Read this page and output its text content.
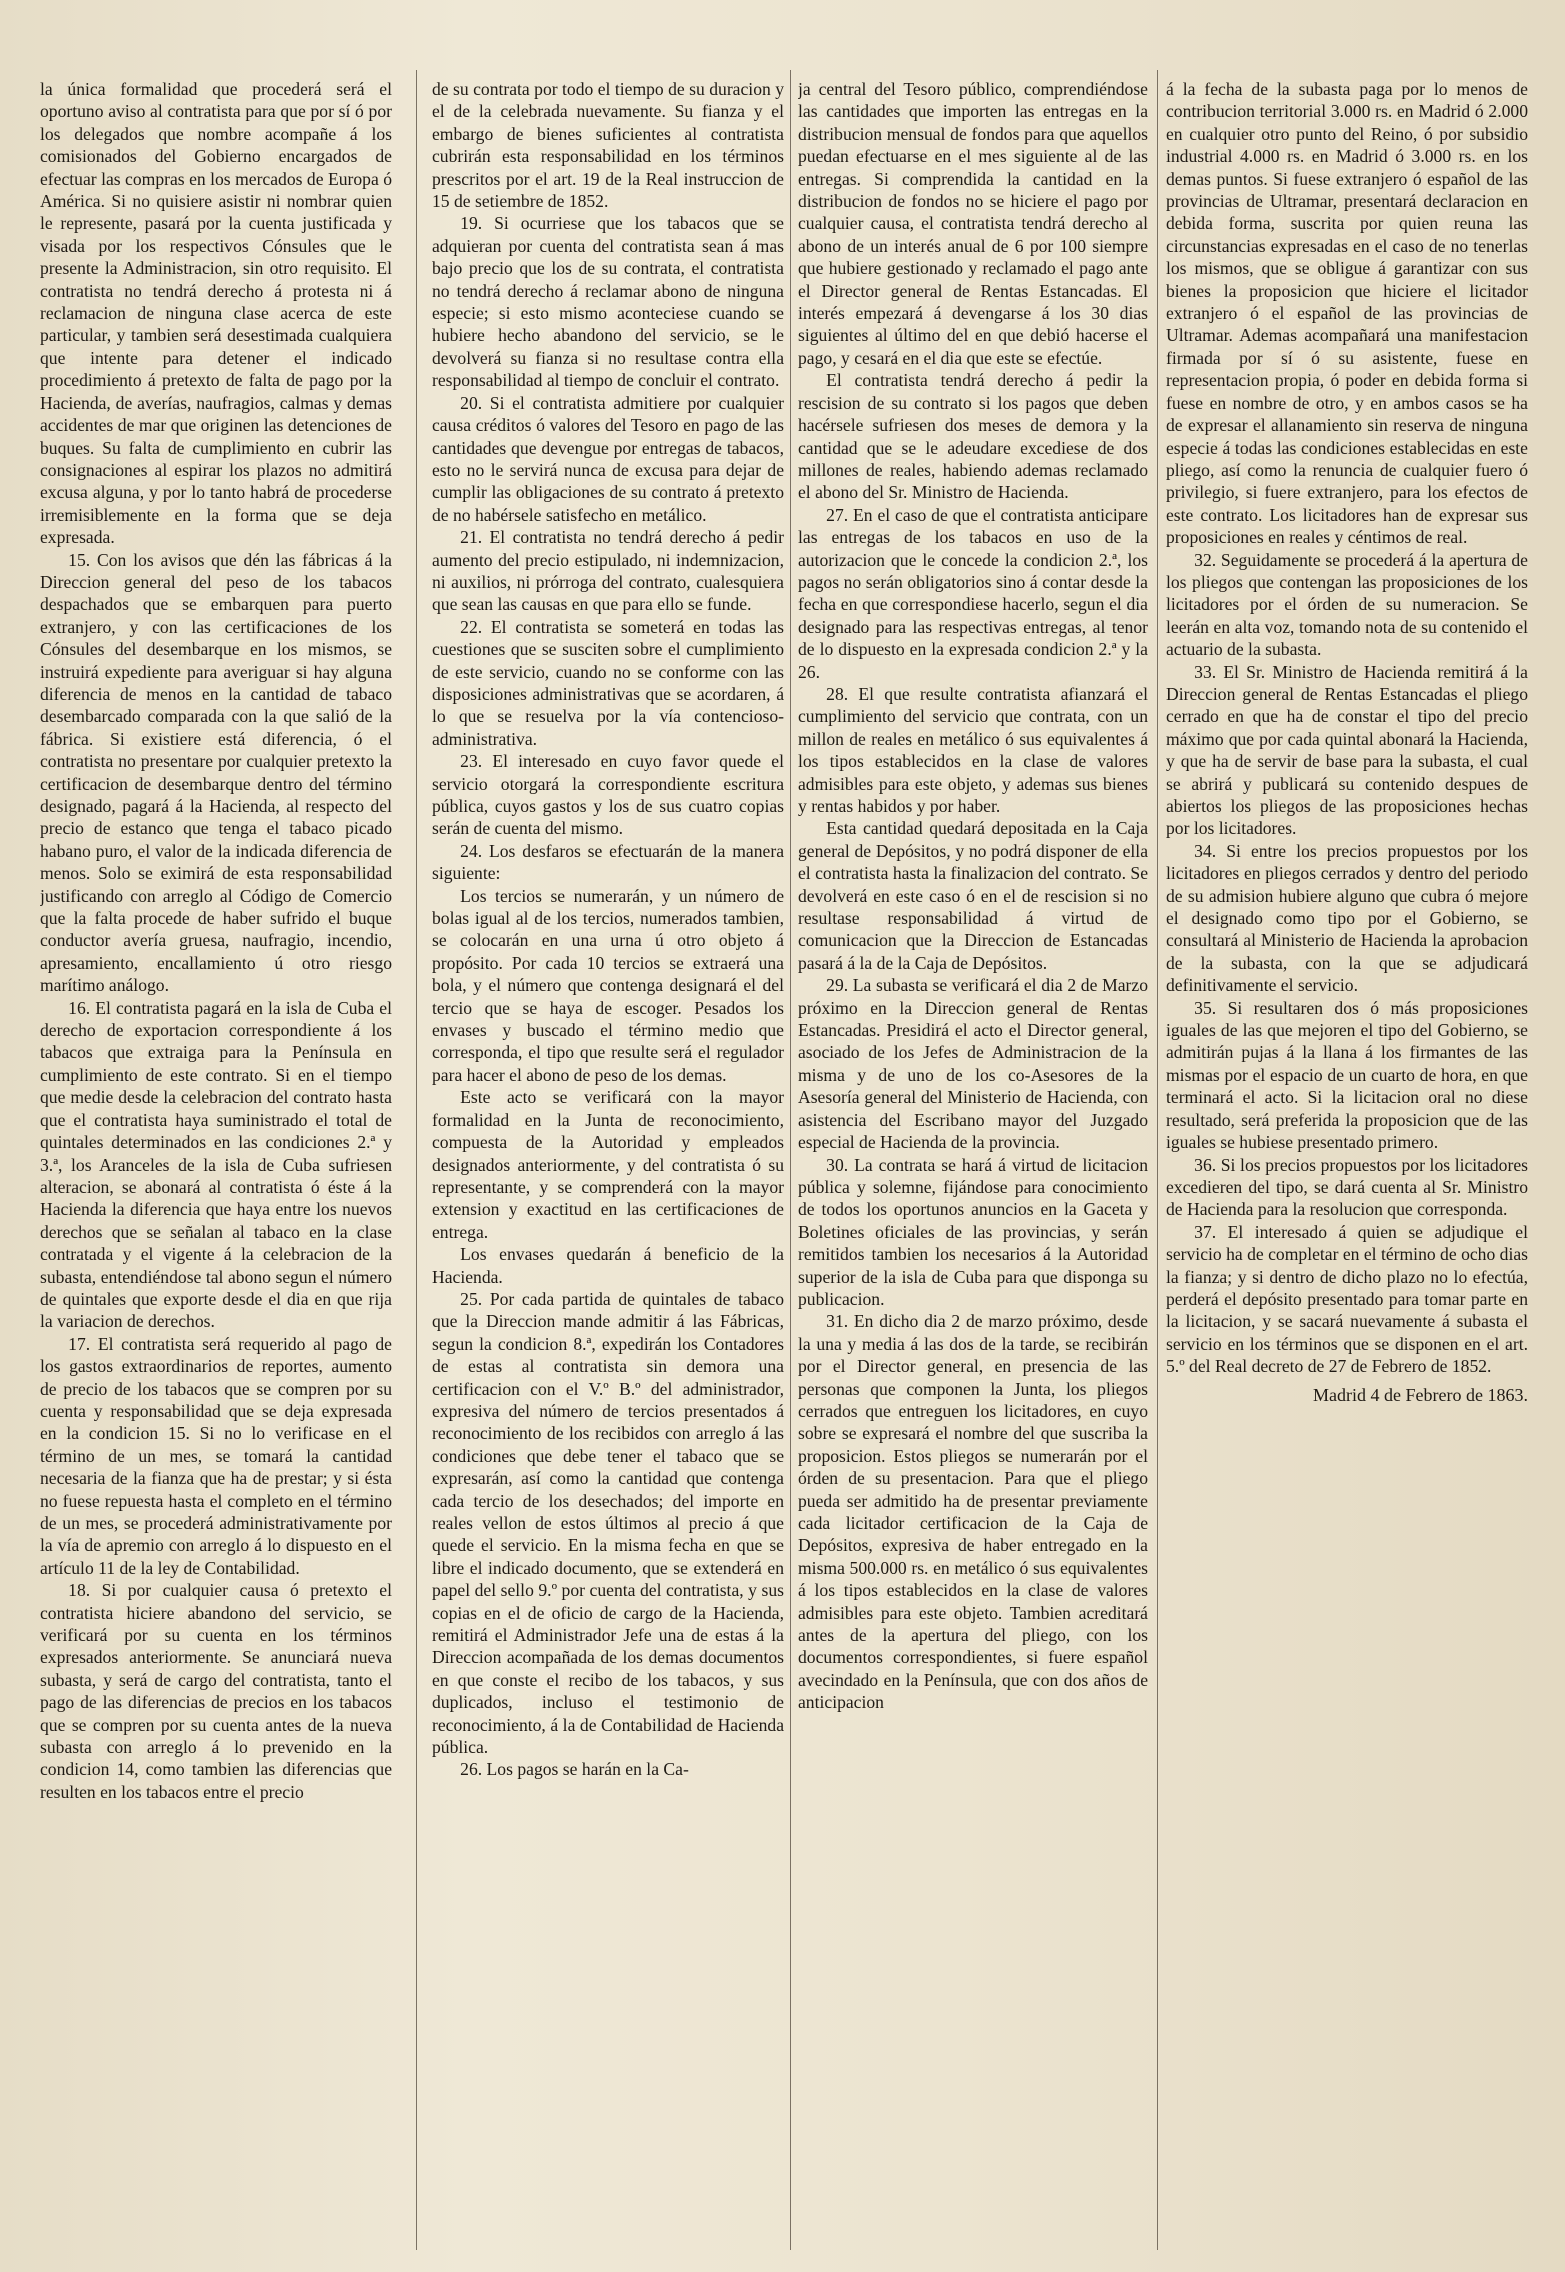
la única formalidad que procederá será el oportuno aviso al contratista para que por sí ó por los delegados que nombre acompañe á los comisionados del Gobierno encargados de efectuar las compras en los mercados de Europa ó América. Si no quisiere asistir ni nombrar quien le represente, pasará por la cuenta justificada y visada por los respectivos Cónsules que le presente la Administracion, sin otro requisito. El contratista no tendrá derecho á protesta ni á reclamacion de ninguna clase acerca de este particular, y tambien será desestimada cualquiera que intente para detener el indicado procedimiento á pretexto de falta de pago por la Hacienda, de averías, naufragios, calmas y demas accidentes de mar que originen las detenciones de buques. Su falta de cumplimiento en cubrir las consignaciones al espirar los plazos no admitirá excusa alguna, y por lo tanto habrá de procederse irremisiblemente en la forma que se deja expresada.

15. Con los avisos que dén las fábricas á la Direccion general del peso de los tabacos despachados que se embarquen para puerto extranjero, y con las certificaciones de los Cónsules del desembarque en los mismos, se instruirá expediente para averiguar si hay alguna diferencia de menos en la cantidad de tabaco desembarcado comparada con la que salió de la fábrica. Si existiere está diferencia, ó el contratista no presentare por cualquier pretexto la certificacion de desembarque dentro del término designado, pagará á la Hacienda, al respecto del precio de estanco que tenga el tabaco picado habano puro, el valor de la indicada diferencia de menos. Solo se eximirá de esta responsabilidad justificando con arreglo al Código de Comercio que la falta procede de haber sufrido el buque conductor avería gruesa, naufragio, incendio, apresamiento, encallamiento ú otro riesgo marítimo análogo.

16. El contratista pagará en la isla de Cuba el derecho de exportacion correspondiente á los tabacos que extraiga para la Península en cumplimiento de este contrato. Si en el tiempo que medie desde la celebracion del contrato hasta que el contratista haya suministrado el total de quintales determinados en las condiciones 2.ª y 3.ª, los Aranceles de la isla de Cuba sufriesen alteracion, se abonará al contratista ó éste á la Hacienda la diferencia que haya entre los nuevos derechos que se señalan al tabaco en la clase contratada y el vigente á la celebracion de la subasta, entendiéndose tal abono segun el número de quintales que exporte desde el dia en que rija la variacion de derechos.

17. El contratista será requerido al pago de los gastos extraordinarios de reportes, aumento de precio de los tabacos que se compren por su cuenta y responsabilidad que se deja expresada en la condicion 15. Si no lo verificase en el término de un mes, se tomará la cantidad necesaria de la fianza que ha de prestar; y si ésta no fuese repuesta hasta el completo en el término de un mes, se procederá administrativamente por la vía de apremio con arreglo á lo dispuesto en el artículo 11 de la ley de Contabilidad.

18. Si por cualquier causa ó pretexto el contratista hiciere abandono del servicio, se verificará por su cuenta en los términos expresados anteriormente. Se anunciará nueva subasta, y será de cargo del contratista, tanto el pago de las diferencias de precios en los tabacos que se compren por su cuenta antes de la nueva subasta con arreglo á lo prevenido en la condicion 14, como tambien las diferencias que resulten en los tabacos entre el precio

de su contrata por todo el tiempo de su duracion y el de la celebrada nuevamente. Su fianza y el embargo de bienes suficientes al contratista cubrirán esta responsabilidad en los términos prescritos por el art. 19 de la Real instruccion de 15 de setiembre de 1852.

19. Si ocurriese que los tabacos que se adquieran por cuenta del contratista sean á mas bajo precio que los de su contrata, el contratista no tendrá derecho á reclamar abono de ninguna especie; si esto mismo aconteciese cuando se hubiere hecho abandono del servicio, se le devolverá su fianza si no resultase contra ella responsabilidad al tiempo de concluir el contrato.

20. Si el contratista admitiere por cualquier causa créditos ó valores del Tesoro en pago de las cantidades que devengue por entregas de tabacos, esto no le servirá nunca de excusa para dejar de cumplir las obligaciones de su contrato á pretexto de no habérsele satisfecho en metálico.

21. El contratista no tendrá derecho á pedir aumento del precio estipulado, ni indemnizacion, ni auxilios, ni prórroga del contrato, cualesquiera que sean las causas en que para ello se funde.

22. El contratista se someterá en todas las cuestiones que se susciten sobre el cumplimiento de este servicio, cuando no se conforme con las disposiciones administrativas que se acordaren, á lo que se resuelva por la vía contencioso-administrativa.

23. El interesado en cuyo favor quede el servicio otorgará la correspondiente escritura pública, cuyos gastos y los de sus cuatro copias serán de cuenta del mismo.

24. Los desfaros se efectuarán de la manera siguiente:

Los tercios se numerarán, y un número de bolas igual al de los tercios, numerados tambien, se colocarán en una urna ú otro objeto á propósito. Por cada 10 tercios se extraerá una bola, y el número que contenga designará el del tercio que se haya de escoger. Pesados los envases y buscado el término medio que corresponda, el tipo que resulte será el regulador para hacer el abono de peso de los demas.

Este acto se verificará con la mayor formalidad en la Junta de reconocimiento, compuesta de la Autoridad y empleados designados anteriormente, y del contratista ó su representante, y se comprenderá con la mayor extension y exactitud en las certificaciones de entrega.

Los envases quedarán á beneficio de la Hacienda.

25. Por cada partida de quintales de tabaco que la Direccion mande admitir á las Fábricas, segun la condicion 8.ª, expedirán los Contadores de estas al contratista sin demora una certificacion con el V.º B.º del administrador, expresiva del número de tercios presentados á reconocimiento de los recibidos con arreglo á las condiciones que debe tener el tabaco que se expresarán, así como la cantidad que contenga cada tercio de los desechados; del importe en reales vellon de estos últimos al precio á que quede el servicio. En la misma fecha en que se libre el indicado documento, que se extenderá en papel del sello 9.º por cuenta del contratista, y sus copias en el de oficio de cargo de la Hacienda, remitirá el Administrador Jefe una de estas á la Direccion acompañada de los demas documentos en que conste el recibo de los tabacos, y sus duplicados, incluso el testimonio de reconocimiento, á la de Contabilidad de Hacienda pública.

26. Los pagos se harán en la Ca-

ja central del Tesoro público, comprendiéndose las cantidades que importen las entregas en la distribucion mensual de fondos para que aquellos puedan efectuarse en el mes siguiente al de las entregas. Si comprendida la cantidad en la distribucion de fondos no se hiciere el pago por cualquier causa, el contratista tendrá derecho al abono de un interés anual de 6 por 100 siempre que hubiere gestionado y reclamado el pago ante el Director general de Rentas Estancadas. El interés empezará á devengarse á los 30 dias siguientes al último del en que debió hacerse el pago, y cesará en el dia que este se efectúe.

El contratista tendrá derecho á pedir la rescision de su contrato si los pagos que deben hacérsele sufriesen dos meses de demora y la cantidad que se le adeudare excediese de dos millones de reales, habiendo ademas reclamado el abono del Sr. Ministro de Hacienda.

27. En el caso de que el contratista anticipare las entregas de los tabacos en uso de la autorizacion que le concede la condicion 2.ª, los pagos no serán obligatorios sino á contar desde la fecha en que correspondiese hacerlo, segun el dia designado para las respectivas entregas, al tenor de lo dispuesto en la expresada condicion 2.ª y la 26.

28. El que resulte contratista afianzará el cumplimiento del servicio que contrata, con un millon de reales en metálico ó sus equivalentes á los tipos establecidos en la clase de valores admisibles para este objeto, y ademas sus bienes y rentas habidos y por haber.

Esta cantidad quedará depositada en la Caja general de Depósitos, y no podrá disponer de ella el contratista hasta la finalizacion del contrato. Se devolverá en este caso ó en el de rescision si no resultase responsabilidad á virtud de comunicacion que la Direccion de Estancadas pasará á la de la Caja de Depósitos.

29. La subasta se verificará el dia 2 de Marzo próximo en la Direccion general de Rentas Estancadas. Presidirá el acto el Director general, asociado de los Jefes de Administracion de la misma y de uno de los co-Asesores de la Asesoría general del Ministerio de Hacienda, con asistencia del Escribano mayor del Juzgado especial de Hacienda de la provincia.

30. La contrata se hará á virtud de licitacion pública y solemne, fijándose para conocimiento de todos los oportunos anuncios en la Gaceta y Boletines oficiales de las provincias, y serán remitidos tambien los necesarios á la Autoridad superior de la isla de Cuba para que disponga su publicacion.

31. En dicho dia 2 de marzo próximo, desde la una y media á las dos de la tarde, se recibirán por el Director general, en presencia de las personas que componen la Junta, los pliegos cerrados que entreguen los licitadores, en cuyo sobre se expresará el nombre del que suscriba la proposicion. Estos pliegos se numerarán por el órden de su presentacion. Para que el pliego pueda ser admitido ha de presentar previamente cada licitador certificacion de la Caja de Depósitos, expresiva de haber entregado en la misma 500.000 rs. en metálico ó sus equivalentes á los tipos establecidos en la clase de valores admisibles para este objeto. Tambien acreditará antes de la apertura del pliego, con los documentos correspondientes, si fuere español avecindado en la Península, que con dos años de anticipacion

á la fecha de la subasta paga por lo menos de contribucion territorial 3.000 rs. en Madrid ó 2.000 en cualquier otro punto del Reino, ó por subsidio industrial 4.000 rs. en Madrid ó 3.000 rs. en los demas puntos. Si fuese extranjero ó español de las provincias de Ultramar, presentará declaracion en debida forma, suscrita por quien reuna las circunstancias expresadas en el caso de no tenerlas los mismos, que se obligue á garantizar con sus bienes la proposicion que hiciere el licitador extranjero ó el español de las provincias de Ultramar. Ademas acompañará una manifestacion firmada por sí ó su asistente, fuese en representacion propia, ó poder en debida forma si fuese en nombre de otro, y en ambos casos se ha de expresar el allanamiento sin reserva de ninguna especie á todas las condiciones establecidas en este pliego, así como la renuncia de cualquier fuero ó privilegio, si fuere extranjero, para los efectos de este contrato. Los licitadores han de expresar sus proposiciones en reales y céntimos de real.

32. Seguidamente se procederá á la apertura de los pliegos que contengan las proposiciones de los licitadores por el órden de su numeracion. Se leerán en alta voz, tomando nota de su contenido el actuario de la subasta.

33. El Sr. Ministro de Hacienda remitirá á la Direccion general de Rentas Estancadas el pliego cerrado en que ha de constar el tipo del precio máximo que por cada quintal abonará la Hacienda, y que ha de servir de base para la subasta, el cual se abrirá y publicará su contenido despues de abiertos los pliegos de las proposiciones hechas por los licitadores.

34. Si entre los precios propuestos por los licitadores en pliegos cerrados y dentro del periodo de su admision hubiere alguno que cubra ó mejore el designado como tipo por el Gobierno, se consultará al Ministerio de Hacienda la aprobacion de la subasta, con la que se adjudicará definitivamente el servicio.

35. Si resultaren dos ó más proposiciones iguales de las que mejoren el tipo del Gobierno, se admitirán pujas á la llana á los firmantes de las mismas por el espacio de un cuarto de hora, en que terminará el acto. Si la licitacion oral no diese resultado, será preferida la proposicion que de las iguales se hubiese presentado primero.

36. Si los precios propuestos por los licitadores excedieren del tipo, se dará cuenta al Sr. Ministro de Hacienda para la resolucion que corresponda.

37. El interesado á quien se adjudique el servicio ha de completar en el término de ocho dias la fianza; y si dentro de dicho plazo no lo efectúa, perderá el depósito presentado para tomar parte en la licitacion, y se sacará nuevamente á subasta el servicio en los términos que se disponen en el art. 5.º del Real decreto de 27 de Febrero de 1852.

Madrid 4 de Febrero de 1863.
